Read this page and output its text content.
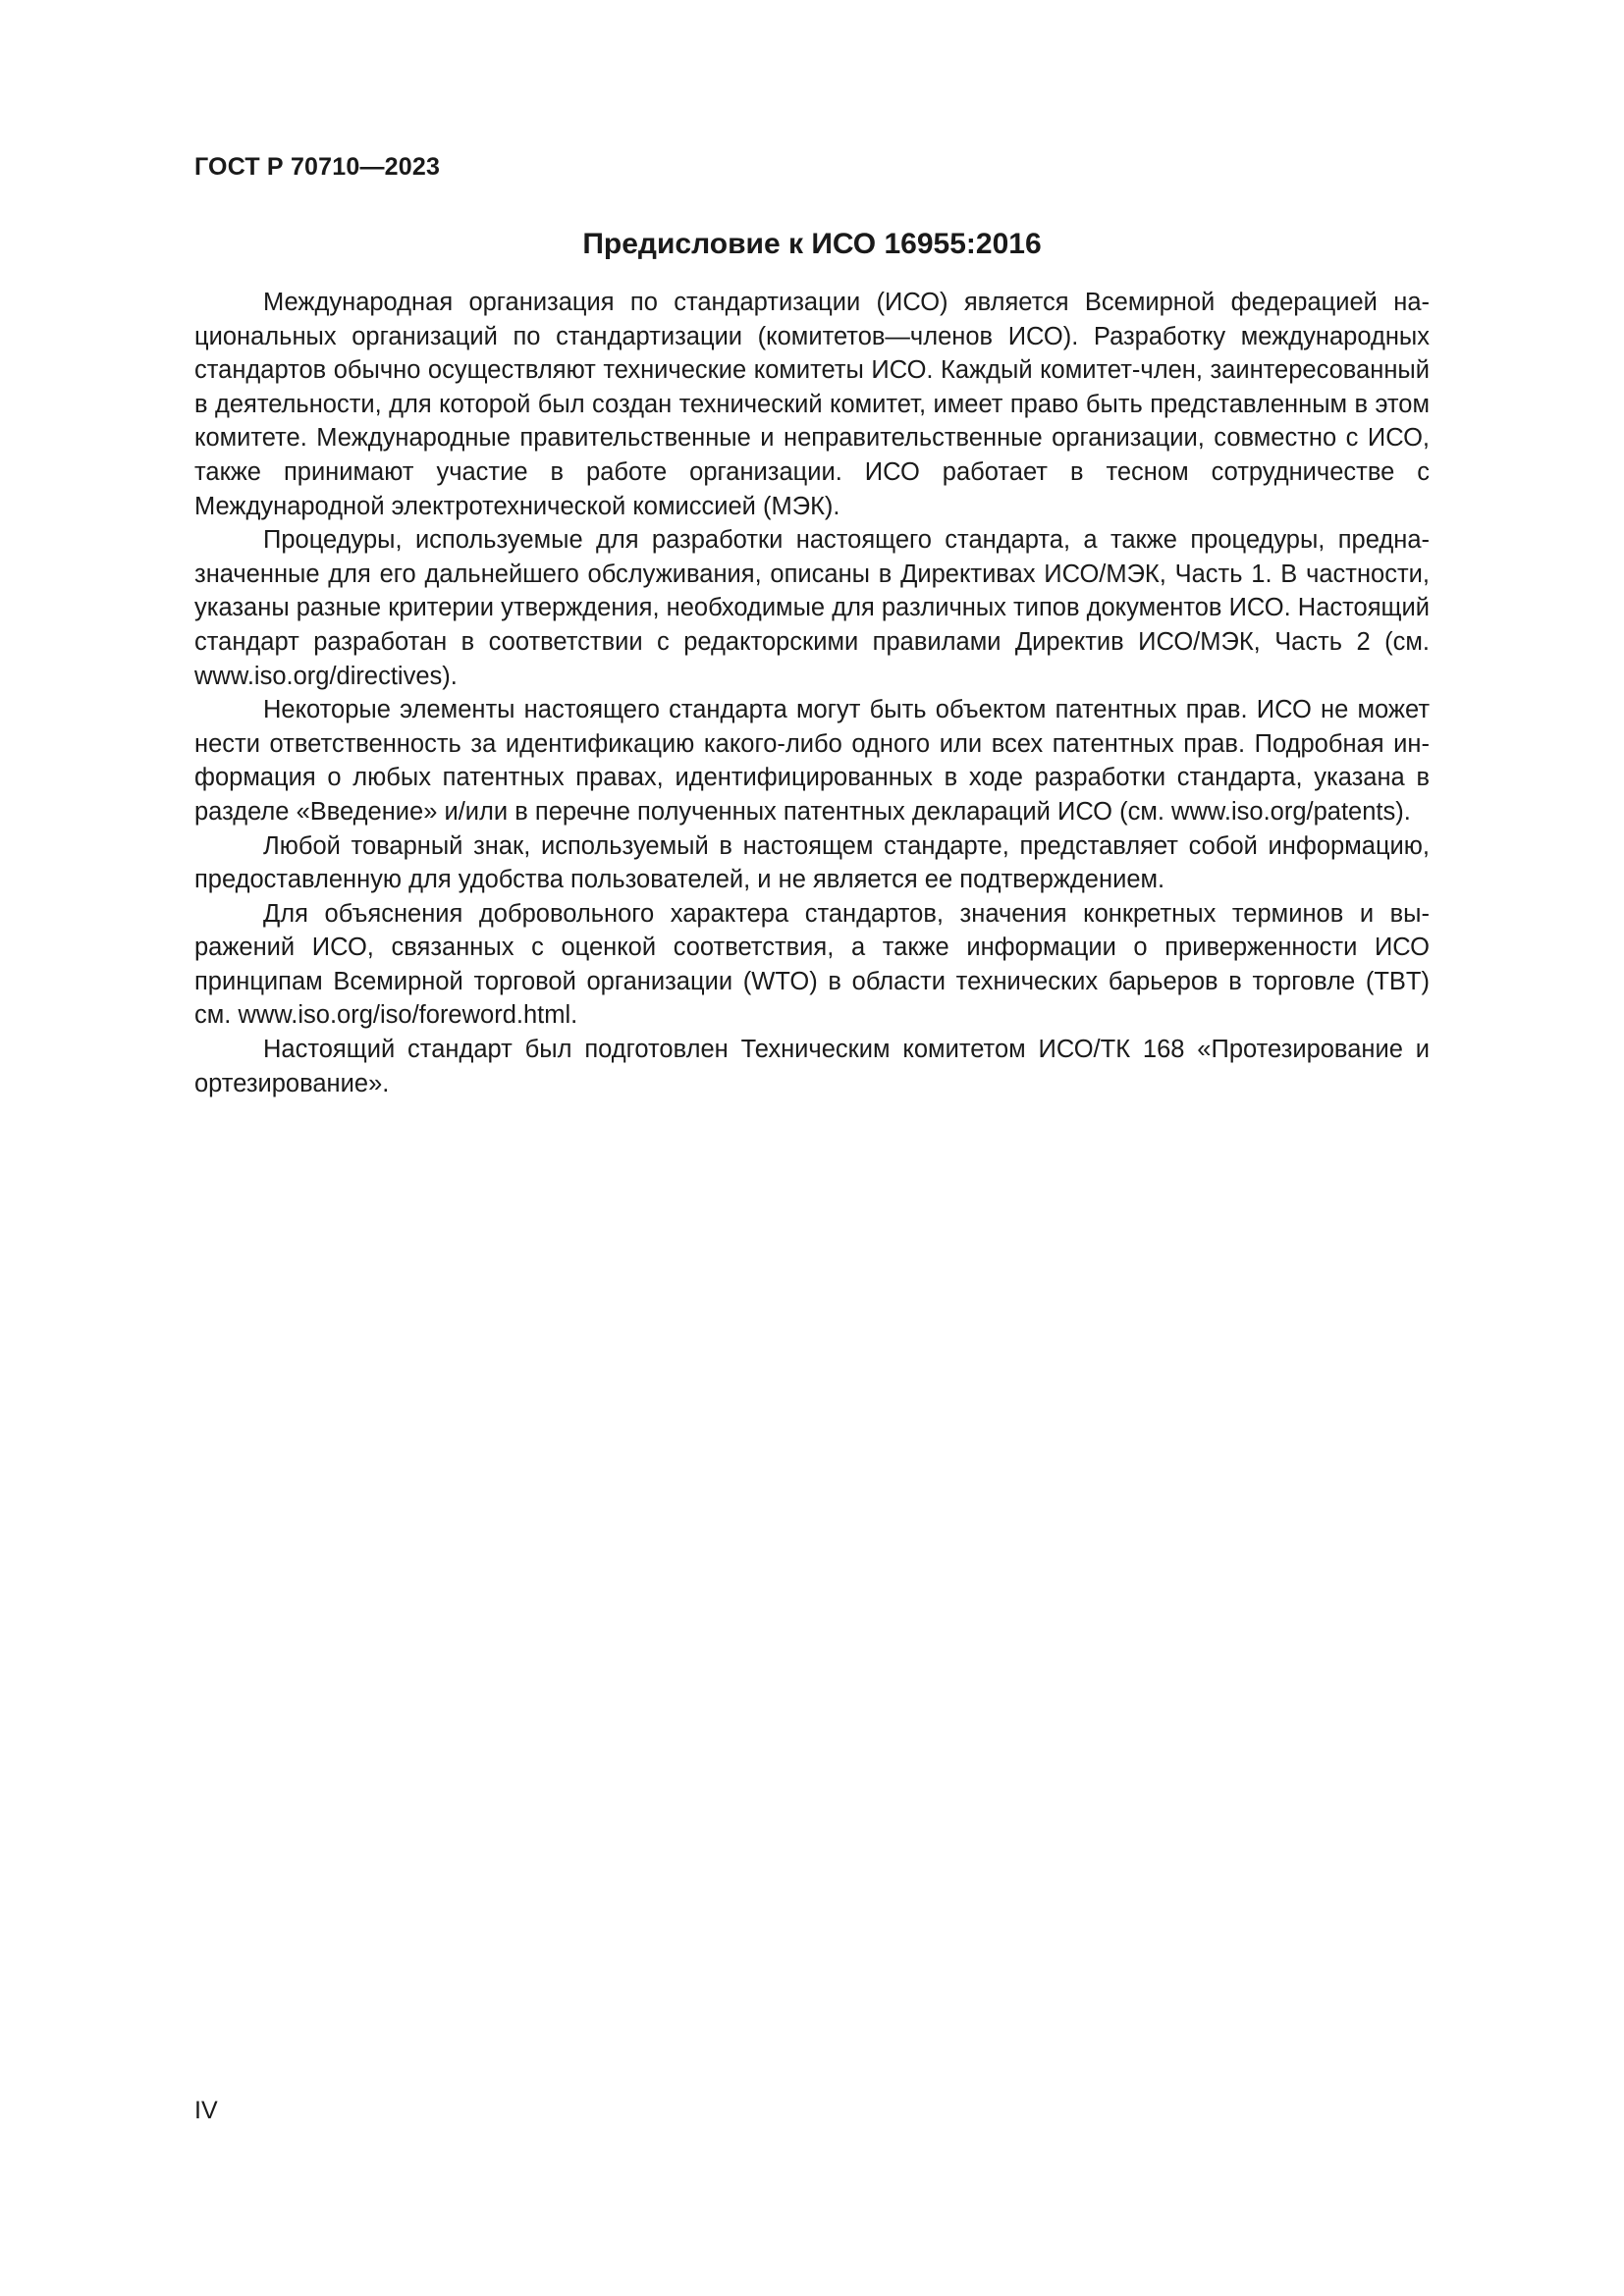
ГОСТ Р 70710—2023
Предисловие к ИСО 16955:2016

Международная организация по стандартизации (ИСО) является Всемирной федерацией национальных организаций по стандартизации (комитетов—членов ИСО). Разработку международных стандартов обычно осуществляют технические комитеты ИСО. Каждый комитет-член, заинтересованный в деятельности, для которой был создан технический комитет, имеет право быть представленным в этом комитете. Международные правительственные и неправительственные организации, совместно с ИСО, также принимают участие в работе организации. ИСО работает в тесном сотрудничестве с Международной электротехнической комиссией (МЭК).

Процедуры, используемые для разработки настоящего стандарта, а также процедуры, предназначенные для его дальнейшего обслуживания, описаны в Директивах ИСО/МЭК, Часть 1. В частности, указаны разные критерии утверждения, необходимые для различных типов документов ИСО. Настоящий стандарт разработан в соответствии с редакторскими правилами Директив ИСО/МЭК, Часть 2 (см. www.iso.org/directives).

Некоторые элементы настоящего стандарта могут быть объектом патентных прав. ИСО не может нести ответственность за идентификацию какого-либо одного или всех патентных прав. Подробная информация о любых патентных правах, идентифицированных в ходе разработки стандарта, указана в разделе «Введение» и/или в перечне полученных патентных деклараций ИСО (см. www.iso.org/patents).

Любой товарный знак, используемый в настоящем стандарте, представляет собой информацию, предоставленную для удобства пользователей, и не является ее подтверждением.

Для объяснения добровольного характера стандартов, значения конкретных терминов и выражений ИСО, связанных с оценкой соответствия, а также информации о приверженности ИСО принципам Всемирной торговой организации (WTO) в области технических барьеров в торговле (TBT) см. www.iso.org/iso/foreword.html.

Настоящий стандарт был подготовлен Техническим комитетом ИСО/ТК 168 «Протезирование и ортезирование».

IV
